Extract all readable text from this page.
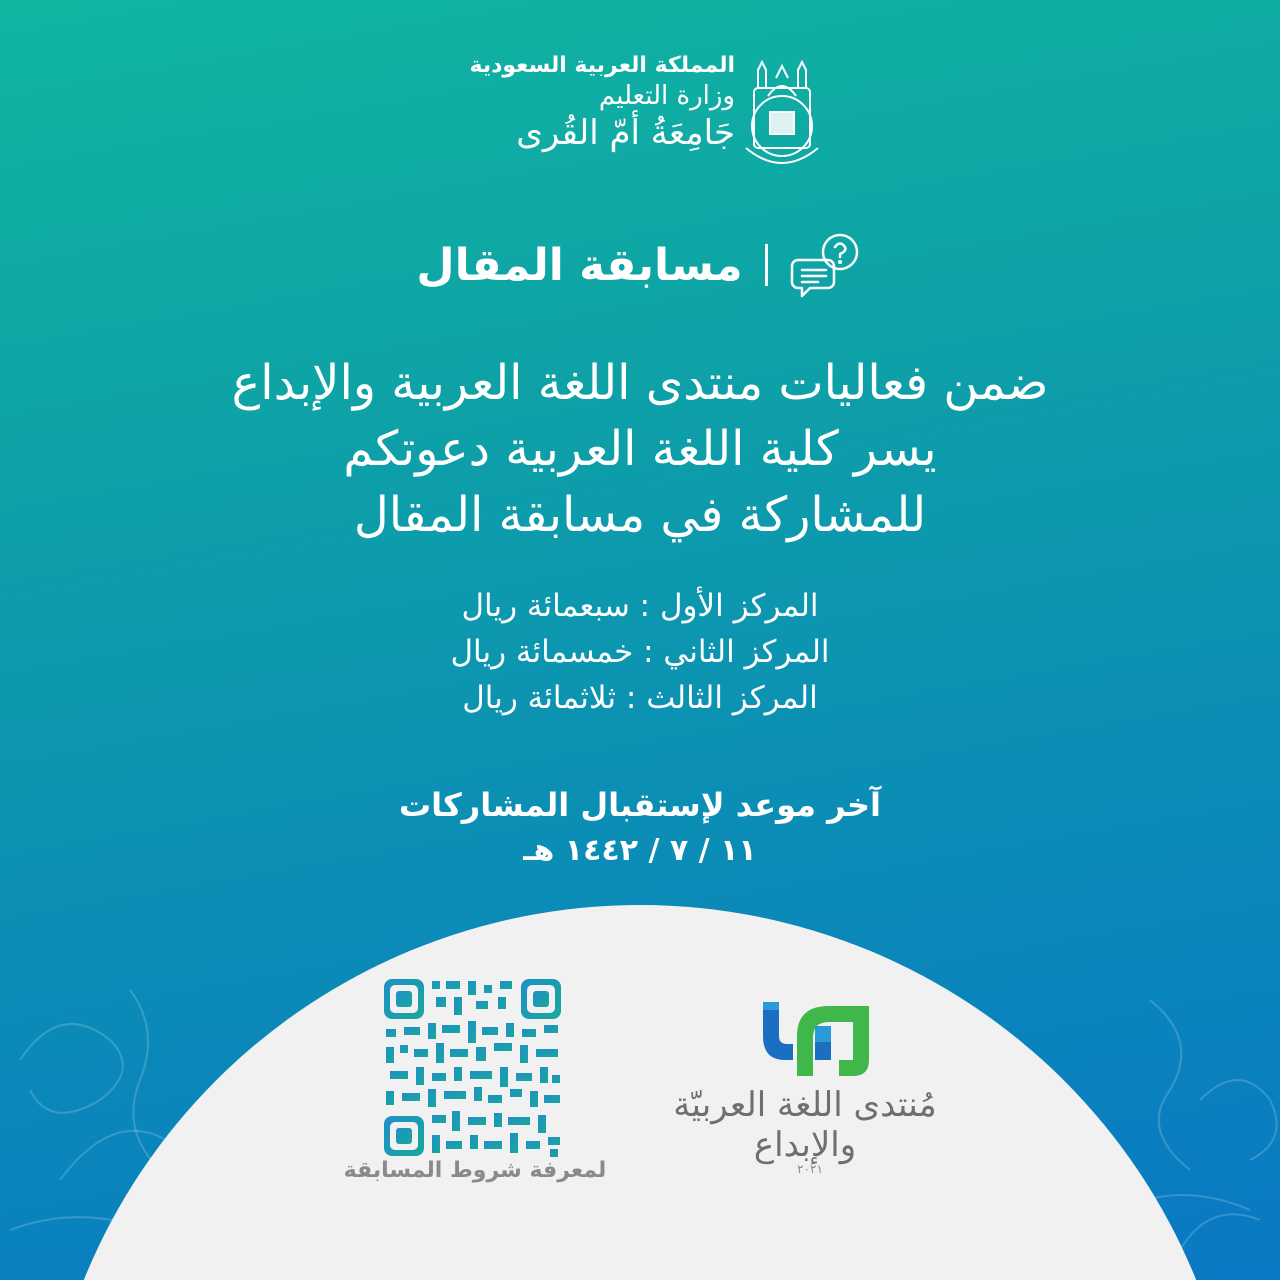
المملكة العربية السعودية
وزارة التعليم
جَامِعَةُ أمّ القُرى
مسابقة المقال
ضمن فعاليات منتدى اللغة العربية والإبداع
يسر كلية اللغة العربية دعوتكم
للمشاركة في مسابقة المقال
المركز الأول : سبعمائة ريال
المركز الثاني : خمسمائة ريال
المركز الثالث : ثلاثمائة ريال
آخر موعد لإستقبال المشاركات
١١ / ٧ / ١٤٤٢ هـ
لمعرفة شروط المسابقة
مُنتدى اللغة العربيّة والإبداع
٢٠٢١
